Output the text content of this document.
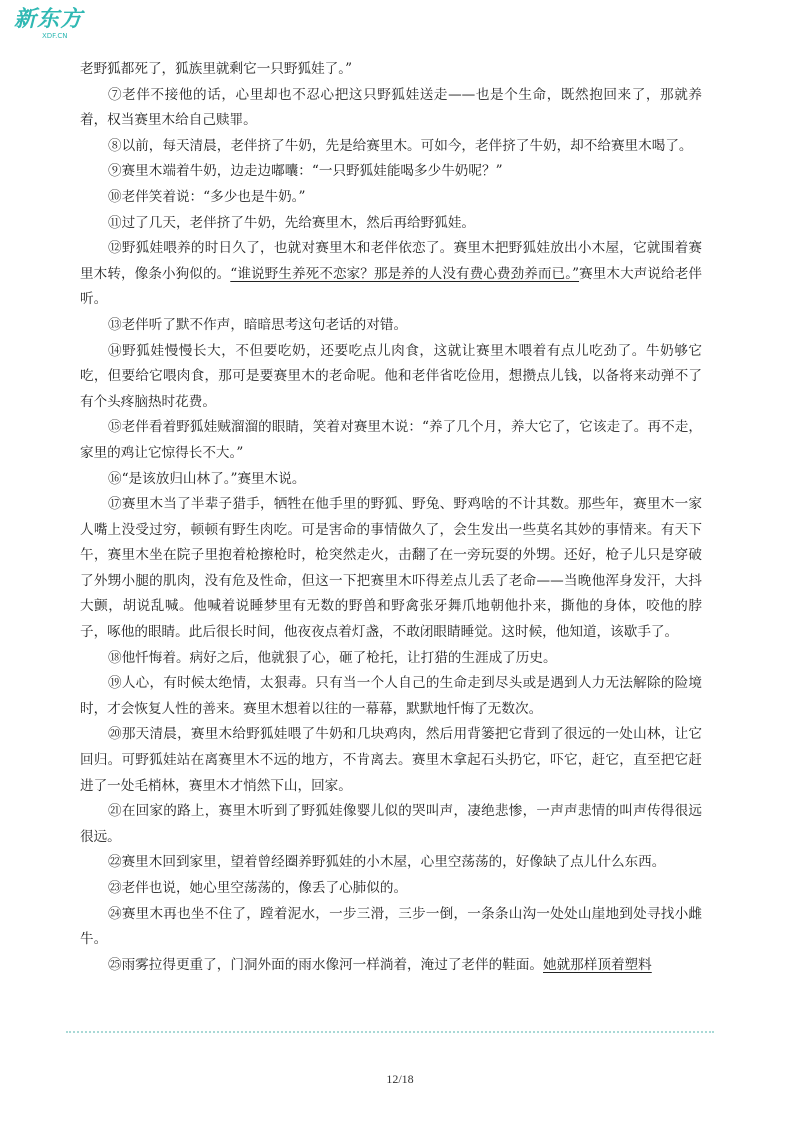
新东方
XDF.CN

老野狐都死了，狐族里就剩它一只野狐娃了。”

⑦老伴不接他的话，心里却也不忍心把这只野狐娃送走——也是个生命，既然抱回来了，那就养着，权当赛里木给自己赎罪。

⑧以前，每天清晨，老伴挤了牛奶，先是给赛里木。可如今，老伴挤了牛奶，却不给赛里木喝了。

⑨赛里木端着牛奶，边走边嘟囔：“一只野狐娃能喝多少牛奶呢？”

⑩老伴笑着说：“多少也是牛奶。”

⑪过了几天，老伴挤了牛奶，先给赛里木，然后再给野狐娃。

⑫野狐娃喂养的时日久了，也就对赛里木和老伴依恋了。赛里木把野狐娃放出小木屋，它就围着赛里木转，像条小狗似的。“谁说野生养死不恋家？那是养的人没有费心费劲养而已。”赛里木大声说给老伴听。

⑬老伴听了默不作声，暗暗思考这句老话的对错。

⑭野狐娃慢慢长大，不但要吃奶，还要吃点儿肉食，这就让赛里木喂着有点儿吃劲了。牛奶够它吃，但要给它喂肉食，那可是要赛里木的老命呢。他和老伴省吃俭用，想攒点儿钱，以备将来动弹不了有个头疼脑热时花费。

⑮老伴看着野狐娃贼溜溜的眼睛，笑着对赛里木说：“养了几个月，养大它了，它该走了。再不走，家里的鸡让它惊得长不大。”

⑯“是该放归山林了。”赛里木说。

⑰赛里木当了半辈子猎手，牺牲在他手里的野狐、野兔、野鸡啥的不计其数。那些年，赛里木一家人嘴上没受过穷，顿顿有野生肉吃。可是害命的事情做久了，会生发出一些莫名其妙的事情来。有天下午，赛里木坐在院子里抱着枪擦枪时，枪突然走火，击翻了在一旁玩耍的外甥。还好，枪子儿只是穿破了外甥小腿的肌肉，没有危及性命，但这一下把赛里木吓得差点儿丢了老命——当晚他浑身发汗，大抖大颤，胡说乱喊。他喊着说睡梦里有无数的野兽和野禽张牙舞爪地朝他扑来，撕他的身体，咬他的脖子，啄他的眼睛。此后很长时间，他夜夜点着灯盏，不敢闭眼睛睡觉。这时候，他知道，该歇手了。

⑱他忏悔着。病好之后，他就狠了心，砸了枪托，让打猎的生涯成了历史。

⑲人心，有时候太绝情，太狠毒。只有当一个人自己的生命走到尽头或是遇到人力无法解除的险境时，才会恢复人性的善来。赛里木想着以往的一幕幕，默默地忏悔了无数次。

⑳那天清晨，赛里木给野狐娃喂了牛奶和几块鸡肉，然后用背篓把它背到了很远的一处山林，让它回归。可野狐娃站在离赛里木不远的地方，不肯离去。赛里木拿起石头扔它，吓它，赶它，直至把它赶进了一处毛梢林，赛里木才悄然下山，回家。

㉑在回家的路上，赛里木听到了野狐娃像婴儿似的哭叫声，凄绝悲惨，一声声悲情的叫声传得很远很远。

㉒赛里木回到家里，望着曾经圈养野狐娃的小木屋，心里空荡荡的，好像缺了点儿什么东西。

㉓老伴也说，她心里空荡荡的，像丢了心肺似的。

㉔赛里木再也坐不住了，蹚着泥水，一步三滑，三步一倒，一条条山沟一处处山崖地到处寻找小雌牛。

㉕雨雾拉得更重了，门洞外面的雨水像河一样淌着，淹过了老伴的鞋面。她就那样顶着塑料

12/18
